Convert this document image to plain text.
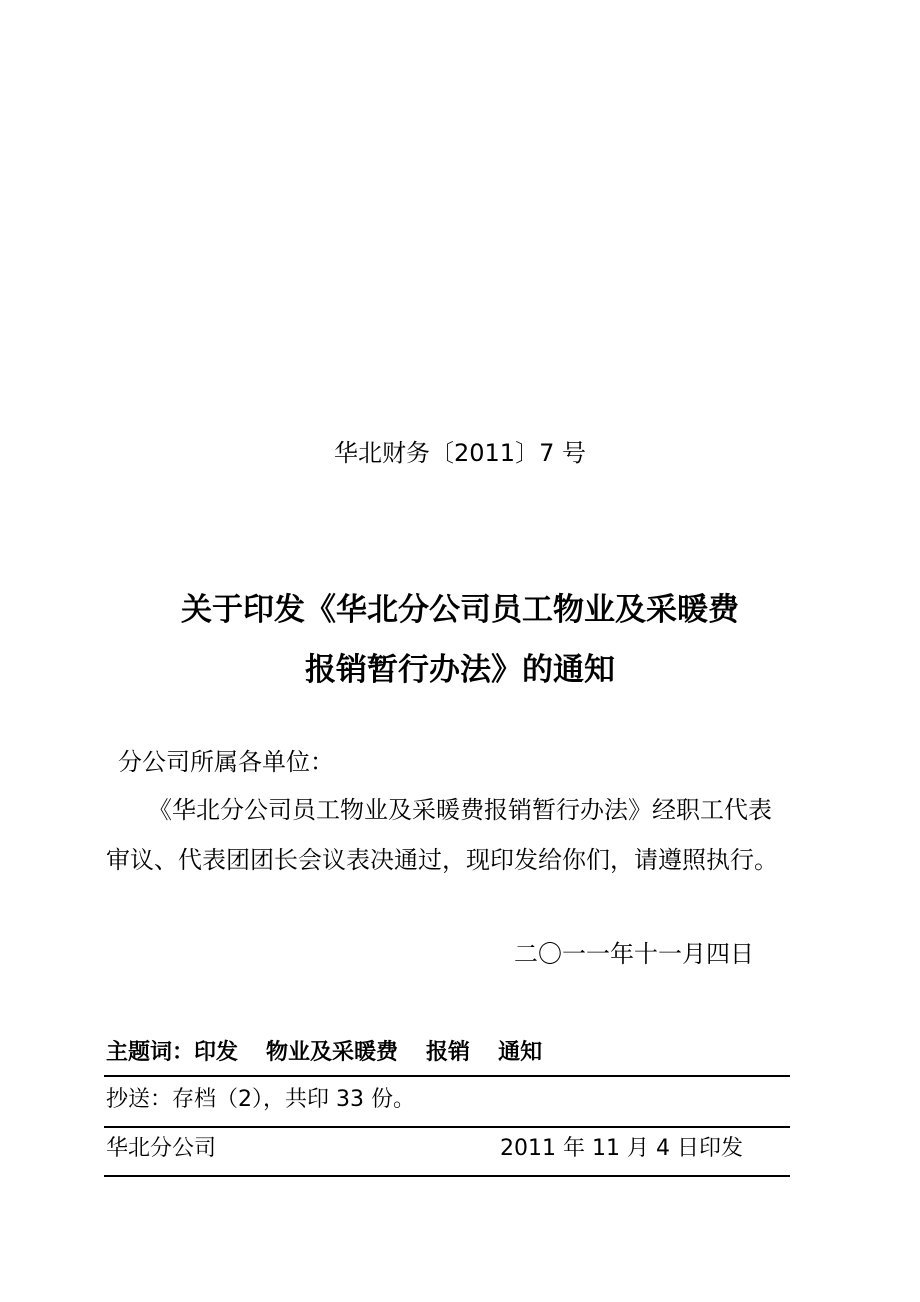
华北财务〔2011〕7 号
关于印发《华北分公司员工物业及采暖费
报销暂行办法》的通知
分公司所属各单位：
《华北分公司员工物业及采暖费报销暂行办法》经职工代表
审议、代表团团长会议表决通过，现印发给你们，请遵照执行。
二〇一一年十一月四日
主题词：印发 物业及采暖费 报销 通知
抄送：存档（2），共印 33 份。
华北分公司	2011 年 11 月 4 日印发
